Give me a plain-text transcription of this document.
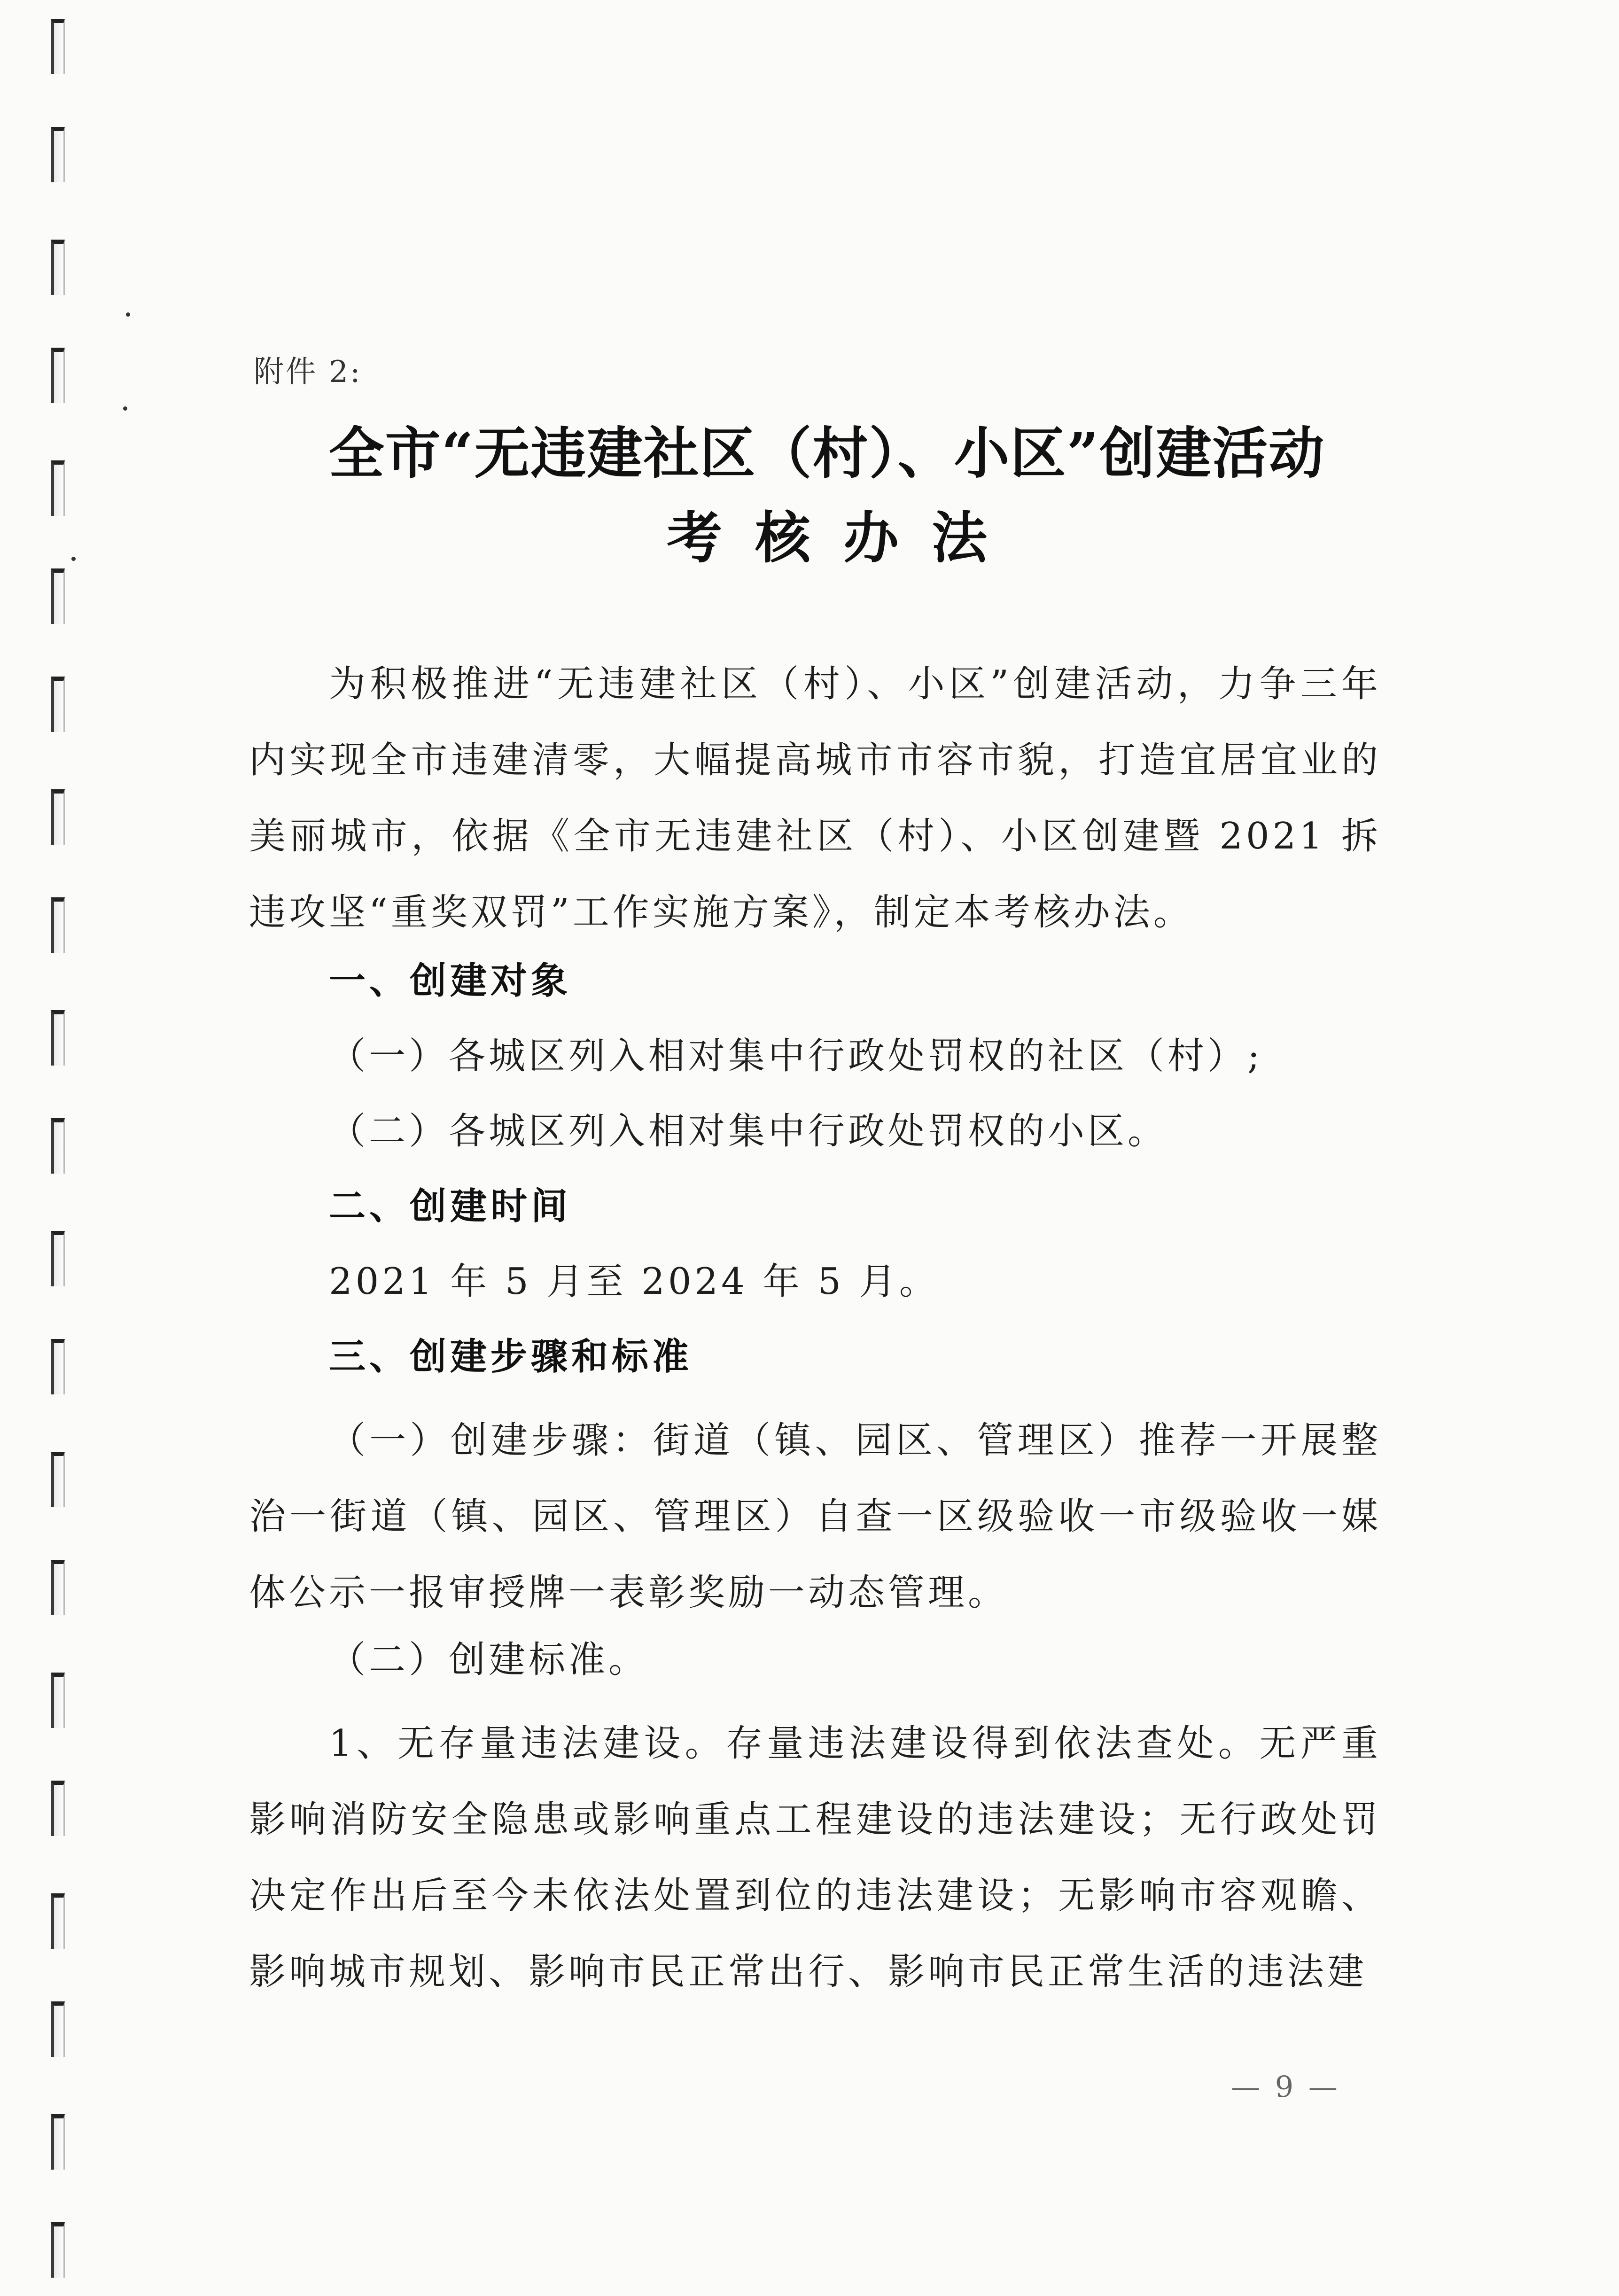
附件 2:
全市“无违建社区（村）、小区”创建活动
考核办法
为积极推进“无违建社区（村）、小区”创建活动，力争三年内实现全市违建清零，大幅提高城市市容市貌，打造宜居宜业的美丽城市，依据《全市无违建社区（村）、小区创建暨 2021 拆违攻坚“重奖双罚”工作实施方案》，制定本考核办法。
一、创建对象
（一）各城区列入相对集中行政处罚权的社区（村）;
（二）各城区列入相对集中行政处罚权的小区。
二、创建时间
2021 年 5 月至 2024 年 5 月。
三、创建步骤和标准
（一）创建步骤：街道（镇、园区、管理区）推荐一开展整治一街道（镇、园区、管理区）自查一区级验收一市级验收一媒体公示一报审授牌一表彰奖励一动态管理。
（二）创建标准。
1、无存量违法建设。存量违法建设得到依法查处。无严重影响消防安全隐患或影响重点工程建设的违法建设；无行政处罚决定作出后至今未依法处置到位的违法建设；无影响市容观瞻、影响城市规划、影响市民正常出行、影响市民正常生活的违法建
— 9 —
